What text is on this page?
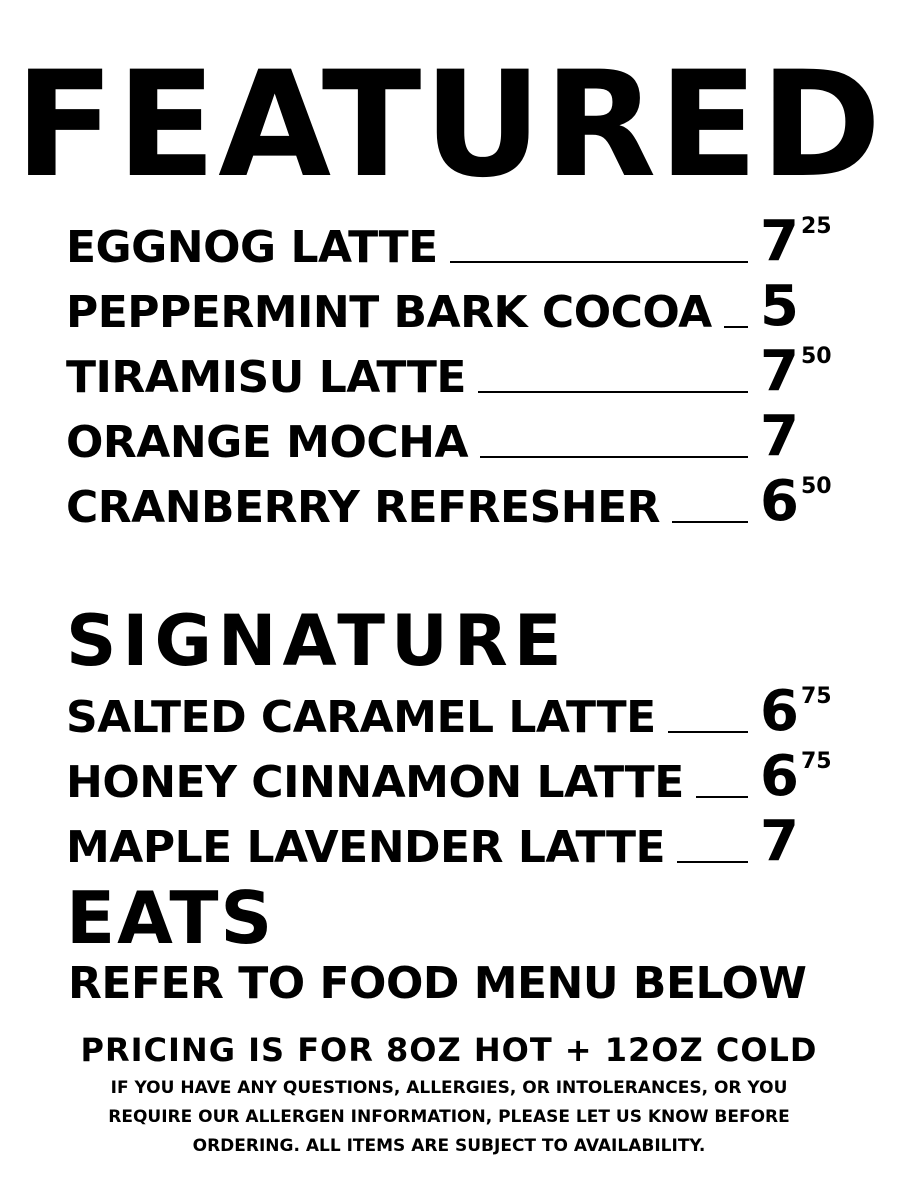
FEATURED
EGGNOG LATTE	7 25
PEPPERMINT BARK COCOA 5
TIRAMISU LATTE	7 50
ORANGE MOCHA	7
CRANBERRY REFRESHER 6 50
SIGNATURE
SALTED CARAMEL LATTE 6 75
HONEY CINNAMON LATTE 6 75
MAPLE LAVENDER LATTE 7
EATS
REFER TO FOOD MENU BELOW
PRICING IS FOR 8OZ HOT + 12OZ COLD

IF YOU HAVE ANY QUESTIONS, ALLERGIES, OR INTOLERANCES, OR YOU REQUIRE OUR ALLERGEN INFORMATION, PLEASE LET US KNOW BEFORE ORDERING. ALL ITEMS ARE SUBJECT TO AVAILABILITY.
